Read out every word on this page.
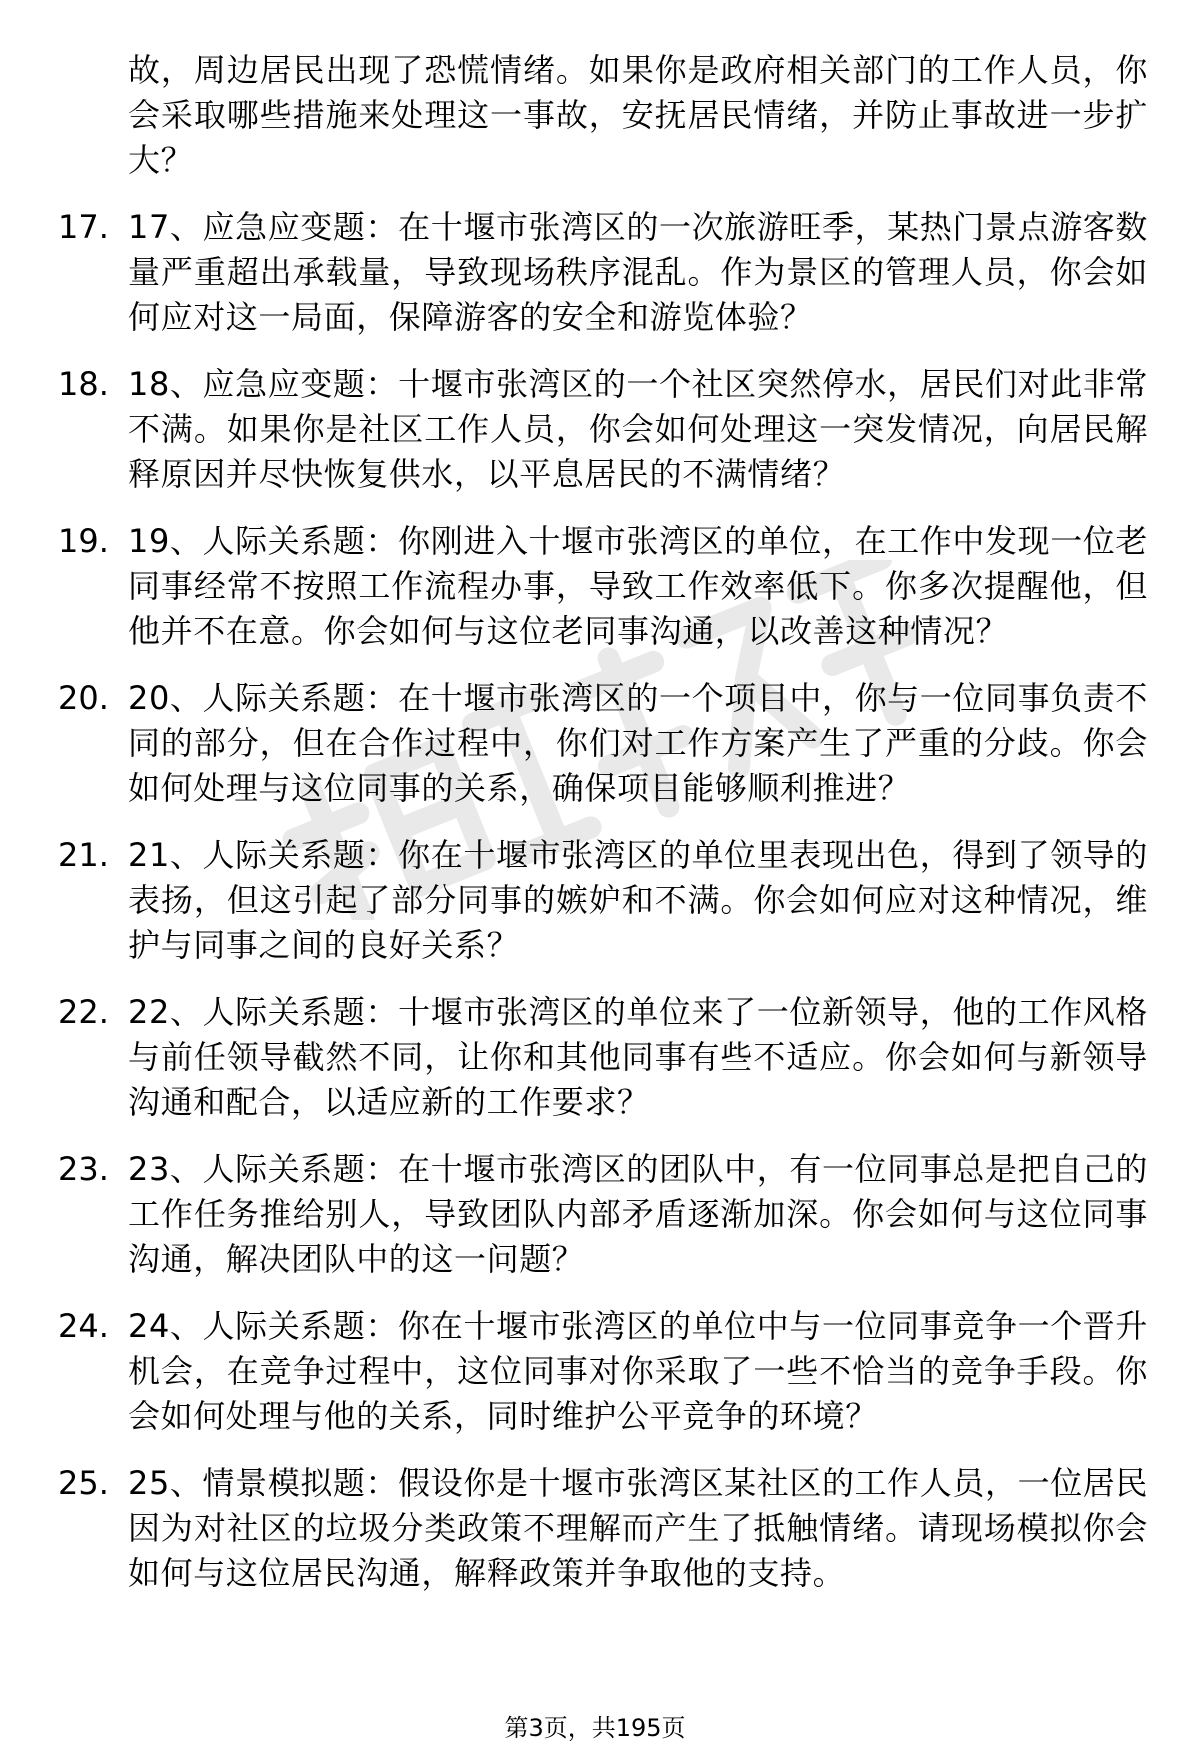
故，周边居民出现了恐慌情绪。如果你是政府相关部门的工作人员，你会采取哪些措施来处理这一事故，安抚居民情绪，并防止事故进一步扩大？
17. 17、应急应变题：在十堰市张湾区的一次旅游旺季，某热门景点游客数量严重超出承载量，导致现场秩序混乱。作为景区的管理人员，你会如何应对这一局面，保障游客的安全和游览体验？
18. 18、应急应变题：十堰市张湾区的一个社区突然停水，居民们对此非常不满。如果你是社区工作人员，你会如何处理这一突发情况，向居民解释原因并尽快恢复供水，以平息居民的不满情绪？
19. 19、人际关系题：你刚进入十堰市张湾区的单位，在工作中发现一位老同事经常不按照工作流程办事，导致工作效率低下。你多次提醒他，但他并不在意。你会如何与这位老同事沟通，以改善这种情况？
20. 20、人际关系题：在十堰市张湾区的一个项目中，你与一位同事负责不同的部分，但在合作过程中，你们对工作方案产生了严重的分歧。你会如何处理与这位同事的关系，确保项目能够顺利推进？
21. 21、人际关系题：你在十堰市张湾区的单位里表现出色，得到了领导的表扬，但这引起了部分同事的嫉妒和不满。你会如何应对这种情况，维护与同事之间的良好关系？
22. 22、人际关系题：十堰市张湾区的单位来了一位新领导，他的工作风格与前任领导截然不同，让你和其他同事有些不适应。你会如何与新领导沟通和配合，以适应新的工作要求？
23. 23、人际关系题：在十堰市张湾区的团队中，有一位同事总是把自己的工作任务推给别人，导致团队内部矛盾逐渐加深。你会如何与这位同事沟通，解决团队中的这一问题？
24. 24、人际关系题：你在十堰市张湾区的单位中与一位同事竞争一个晋升机会，在竞争过程中，这位同事对你采取了一些不恰当的竞争手段。你会如何处理与他的关系，同时维护公平竞争的环境？
25. 25、情景模拟题：假设你是十堰市张湾区某社区的工作人员，一位居民因为对社区的垃圾分类政策不理解而产生了抵触情绪。请现场模拟你会如何与这位居民沟通，解释政策并争取他的支持。
第3页，共195页
